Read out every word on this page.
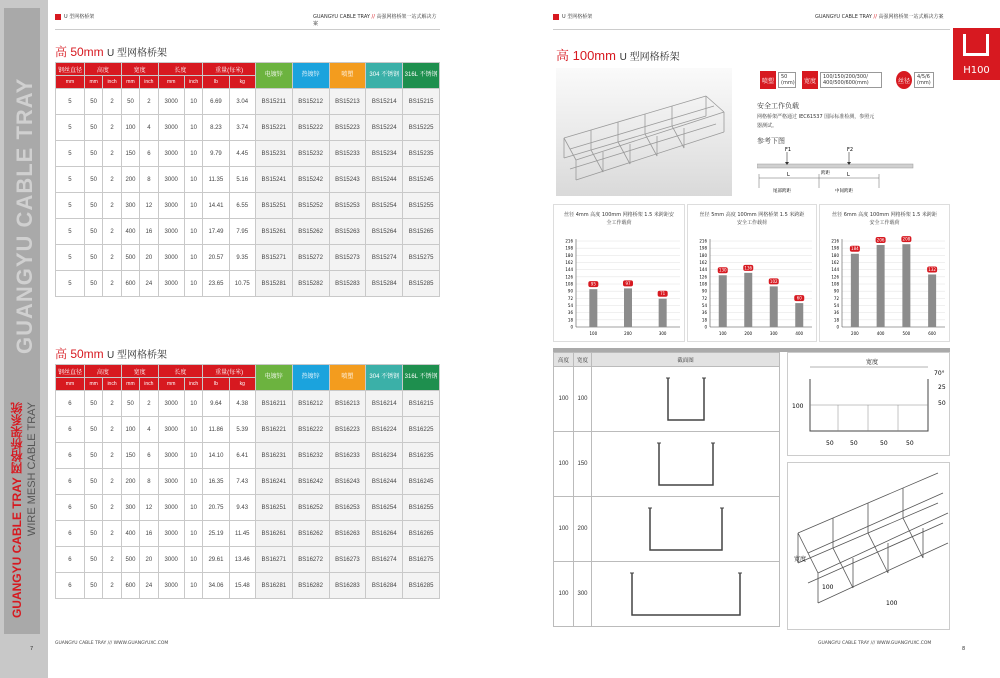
GUANGYU CABLE TRAY
GUANGYU CABLE TRAY 网格桥架系统 WIRE MESH CABLE TRAY
U 型网格桥架	GUANGYU CABLE TRAY // 高强网格桥架一站式解决方案
高 50mm U 型网格桥架
钢丝直径	高度		宽度		长度		重量(每米)		电镀锌	热镀锌	喷塑	304 不锈钢	316L 不锈钢
mm	mm	inch	mm	inch	mm	inch	lb	kg					
5	50	2	50	2	3000	10	6.69	3.04	BS15211	BS15212	BS15213	BS15214	BS15215
5	50	2	100	4	3000	10	8.23	3.74	BS15221	BS15222	BS15223	BS15224	BS15225
5	50	2	150	6	3000	10	9.79	4.45	BS15231	BS15232	BS15233	BS15234	BS15235
5	50	2	200	8	3000	10	11.35	5.16	BS15241	BS15242	BS15243	BS15244	BS15245
5	50	2	300	12	3000	10	14.41	6.55	BS15251	BS15252	BS15253	BS15254	BS15255
5	50	2	400	16	3000	10	17.49	7.95	BS15261	BS15262	BS15263	BS15264	BS15265
5	50	2	500	20	3000	10	20.57	9.35	BS15271	BS15272	BS15273	BS15274	BS15275
5	50	2	600	24	3000	10	23.65	10.75	BS15281	BS15282	BS15283	BS15284	BS15285
高 50mm U 型网格桥架
钢丝直径	高度		宽度		长度		重量(每米)		电镀锌	热镀锌	喷塑	304 不锈钢	316L 不锈钢
mm	mm	inch	mm	inch	mm	inch	lb	kg					
6	50	2	50	2	3000	10	9.64	4.38	BS16211	BS16212	BS16213	BS16214	BS16215
6	50	2	100	4	3000	10	11.86	5.39	BS16221	BS16222	BS16223	BS16224	BS16225
6	50	2	150	6	3000	10	14.10	6.41	BS16231	BS16232	BS16233	BS16234	BS16235
6	50	2	200	8	3000	10	16.35	7.43	BS16241	BS16242	BS16243	BS16244	BS16245
6	50	2	300	12	3000	10	20.75	9.43	BS16251	BS16252	BS16253	BS16254	BS16255
6	50	2	400	16	3000	10	25.19	11.45	BS16261	BS16262	BS16263	BS16264	BS16265
6	50	2	500	20	3000	10	29.61	13.46	BS16271	BS16272	BS16273	BS16274	BS16275
6	50	2	600	24	3000	10	34.06	15.48	BS16281	BS16282	BS16283	BS16284	BS16285
GUANGYU CABLE TRAY /// WWW.GUANGYUXC.COM
7
U 型网格桥架	GUANGYU CABLE TRAY // 高强网格桥架一站式解决方案
H100
高 100mm U 型网格桥架
喷塑
50 (mm)	宽度
100/150/200/300/ 400/500/600(mm)	丝径
4/5/6 (mm)
安全工作负载
网格桥架严格通过 IEC61537 国际标准检测，参照元
器测试。
参考下图
F1	F2
L	L
跨距
尾部跨距	中间跨距
丝径 4mm 高度 100mm 网格桥架 1.5 米跨距安全工作载荷
216
198
180
162
144
126
108
90
72
54
36
18
0
95
100
97
200
71
300
丝径 5mm 高度 100mm 网格桥架 1.5 米跨距安全工作载荷
216
198
180
162
144
126
108
90
72
54
36
18
0
130
100
136
200
102
300
60
400
丝径 6mm 高度 100mm 网格桥架 1.5 米跨距安全工作载荷
216
198
180
162
144
126
108
90
72
54
36
18
0
184
200
206
400
208
500
132
600
高度	宽度	截面图
100	100	
100	150	
100	200	
100	300	
宽度
100
70°
25
50
50	50	50	50
宽度
100
100
GUANGYU CABLE TRAY /// WWW.GUANGYUXC.COM
8
